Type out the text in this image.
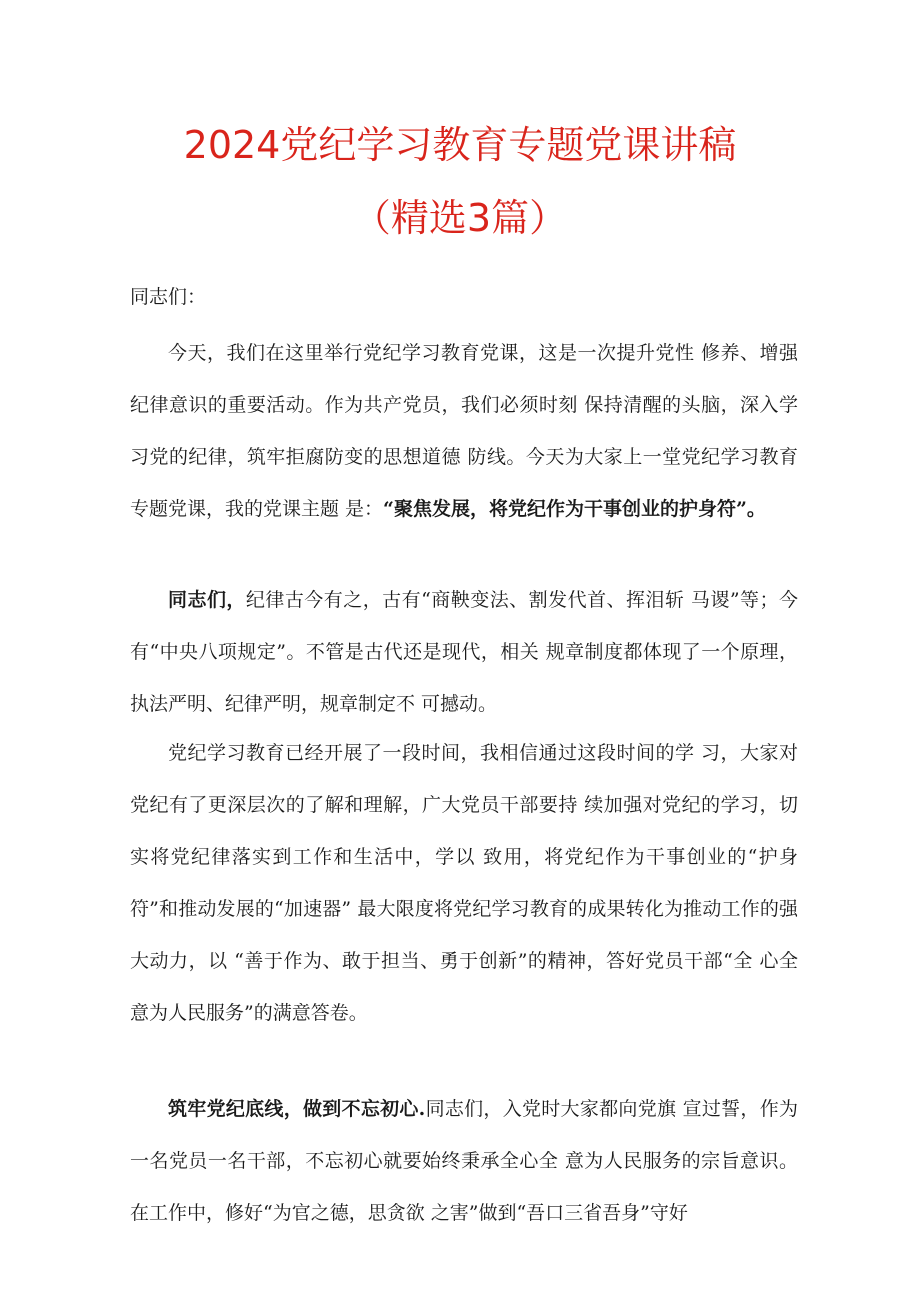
2024党纪学习教育专题党课讲稿
（精选3篇）

同志们：

今天，我们在这里举行党纪学习教育党课，这是一次提升党性 修养、增强纪律意识的重要活动。作为共产党员，我们必须时刻 保持清醒的头脑，深入学习党的纪律，筑牢拒腐防变的思想道德 防线。今天为大家上一堂党纪学习教育专题党课，我的党课主题 是：“聚焦发展，将党纪作为干事创业的护身符”。

同志们，纪律古今有之，古有“商鞅变法、割发代首、挥泪斩 马谡”等；今有“中央八项规定”。不管是古代还是现代，相关 规章制度都体现了一个原理，执法严明、纪律严明，规章制定不 可撼动。

党纪学习教育已经开展了一段时间，我相信通过这段时间的学 习，大家对党纪有了更深层次的了解和理解，广大党员干部要持 续加强对党纪的学习，切实将党纪律落实到工作和生活中，学以 致用，将党纪作为干事创业的“护身符”和推动发展的“加速器” 最大限度将党纪学习教育的成果转化为推动工作的强大动力，以 “善于作为、敢于担当、勇于创新”的精神，答好党员干部“全 心全意为人民服务”的满意答卷。

筑牢党纪底线，做到不忘初心.同志们，入党时大家都向党旗 宣过誓，作为一名党员一名干部，不忘初心就要始终秉承全心全 意为人民服务的宗旨意识。在工作中，修好“为官之德，思贪欲 之害”做到“吾口三省吾身”守好
